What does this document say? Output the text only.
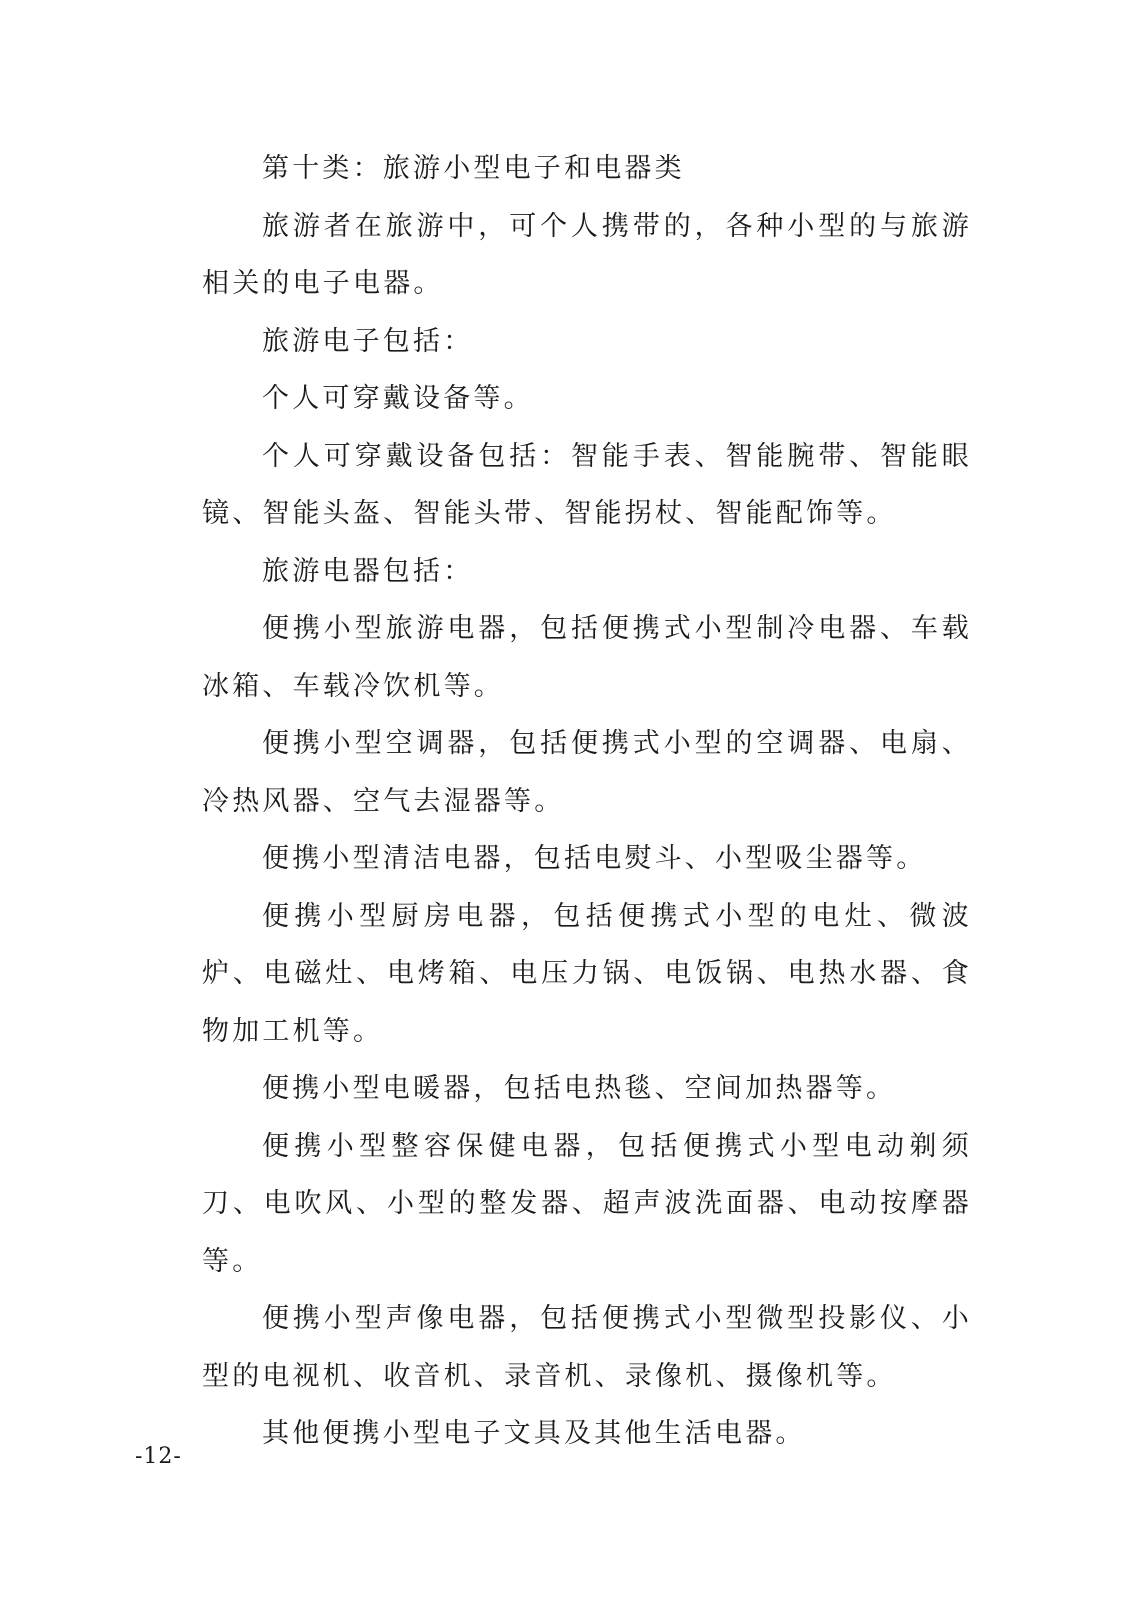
第十类：旅游小型电子和电器类

旅游者在旅游中，可个人携带的，各种小型的与旅游相关的电子电器。

旅游电子包括：

个人可穿戴设备等。

个人可穿戴设备包括：智能手表、智能腕带、智能眼镜、智能头盔、智能头带、智能拐杖、智能配饰等。

旅游电器包括：

便携小型旅游电器，包括便携式小型制冷电器、车载冰箱、车载冷饮机等。

便携小型空调器，包括便携式小型的空调器、电扇、冷热风器、空气去湿器等。

便携小型清洁电器，包括电熨斗、小型吸尘器等。

便携小型厨房电器，包括便携式小型的电灶、微波炉、电磁灶、电烤箱、电压力锅、电饭锅、电热水器、食物加工机等。

便携小型电暖器，包括电热毯、空间加热器等。

便携小型整容保健电器，包括便携式小型电动剃须刀、电吹风、小型的整发器、超声波洗面器、电动按摩器等。

便携小型声像电器，包括便携式小型微型投影仪、小型的电视机、收音机、录音机、录像机、摄像机等。

其他便携小型电子文具及其他生活电器。

-12-
